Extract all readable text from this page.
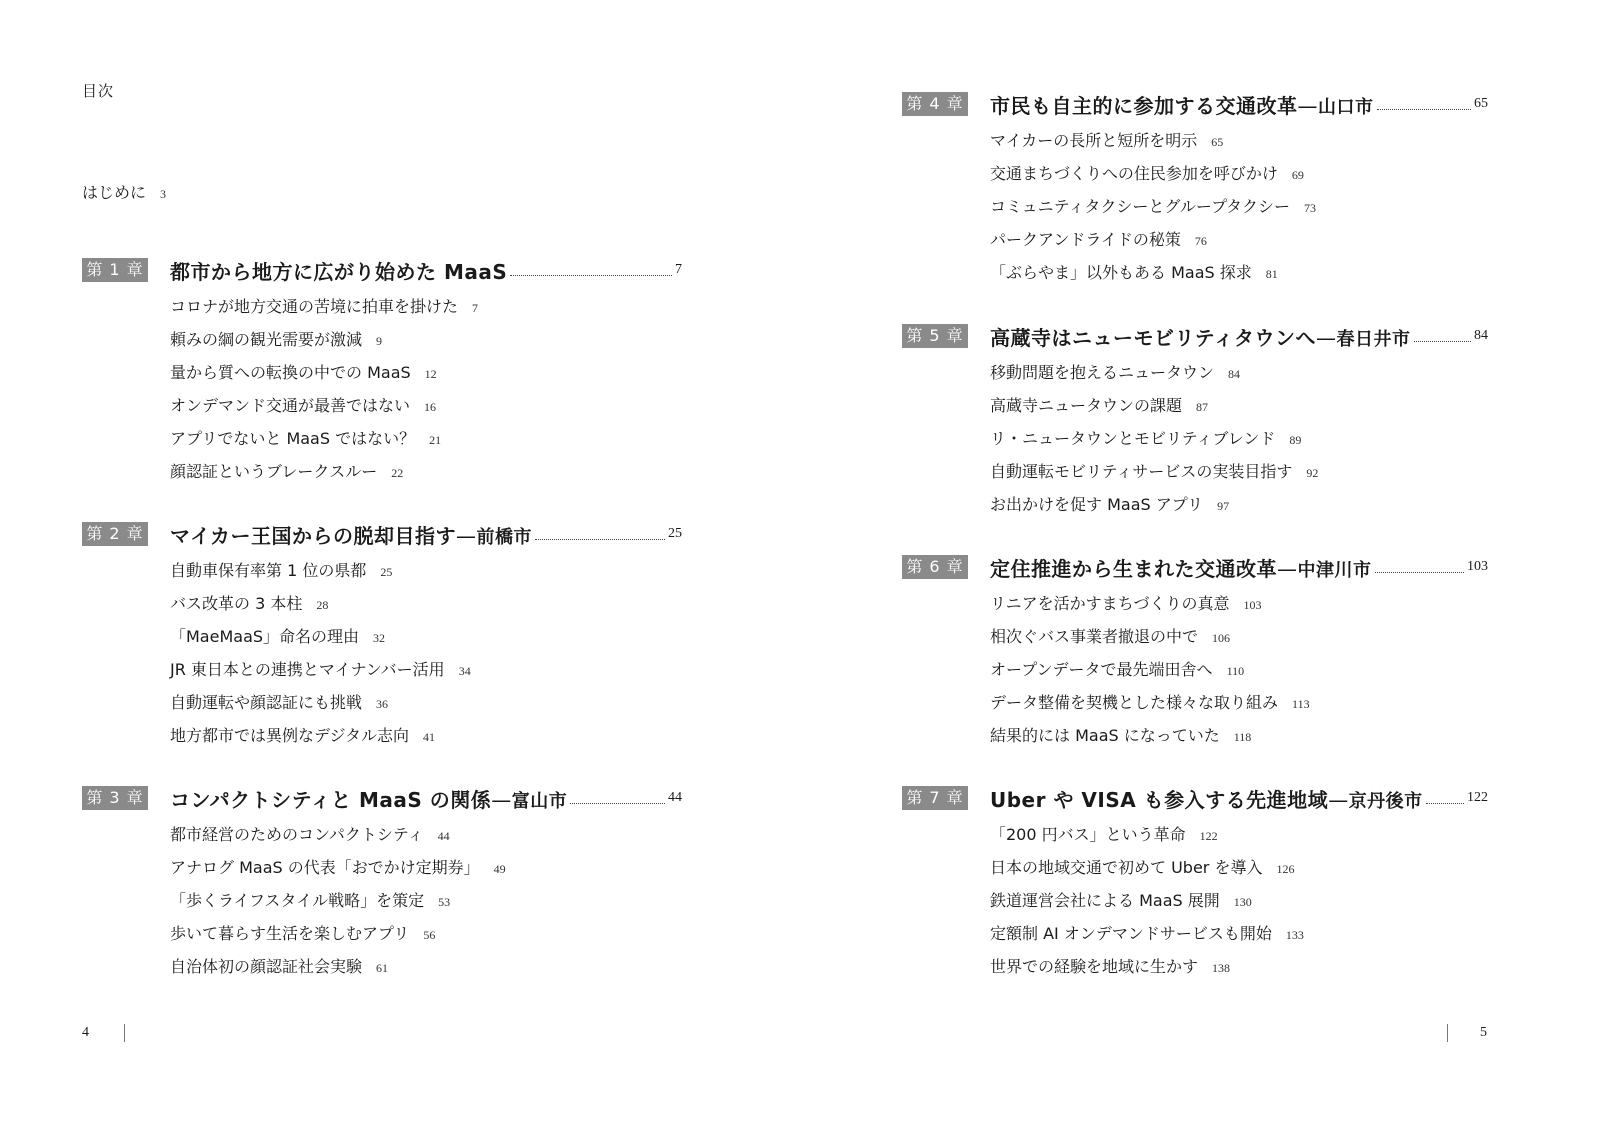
目次
はじめに 3
第 1 章 都市から地方に広がり始めた MaaS	7
コロナが地方交通の苦境に拍車を掛けた 7
頼みの綱の観光需要が激減 9
量から質への転換の中での MaaS 12
オンデマンド交通が最善ではない 16
アプリでないと MaaS ではない？ 21
顔認証というブレークスルー 22
第 2 章 マイカー王国からの脱却目指す—前橋市	25
自動車保有率第 1 位の県都 25
バス改革の 3 本柱 28
「MaeMaaS」命名の理由 32
JR 東日本との連携とマイナンバー活用 34
自動運転や顔認証にも挑戦 36
地方都市では異例なデジタル志向 41
第 3 章 コンパクトシティと MaaS の関係—富山市	44
都市経営のためのコンパクトシティ 44
アナログ MaaS の代表「おでかけ定期券」 49
「歩くライフスタイル戦略」を策定 53
歩いて暮らす生活を楽しむアプリ 56
自治体初の顔認証社会実験 61
4
第 4 章 市民も自主的に参加する交通改革—山口市	65
マイカーの長所と短所を明示 65
交通まちづくりへの住民参加を呼びかけ 69
コミュニティタクシーとグループタクシー 73
パークアンドライドの秘策 76
「ぶらやま」以外もある MaaS 探求 81
第 5 章 高蔵寺はニューモビリティタウンへ—春日井市	84
移動問題を抱えるニュータウン 84
高蔵寺ニュータウンの課題 87
リ・ニュータウンとモビリティブレンド 89
自動運転モビリティサービスの実装目指す 92
お出かけを促す MaaS アプリ 97
第 6 章 定住推進から生まれた交通改革—中津川市	103
リニアを活かすまちづくりの真意 103
相次ぐバス事業者撤退の中で 106
オープンデータで最先端田舎へ 110
データ整備を契機とした様々な取り組み 113
結果的には MaaS になっていた 118
第 7 章 Uber や VISA も参入する先進地域—京丹後市	122
「200 円バス」という革命 122
日本の地域交通で初めて Uber を導入 126
鉄道運営会社による MaaS 展開 130
定額制 AI オンデマンドサービスも開始 133
世界での経験を地域に生かす 138
5
